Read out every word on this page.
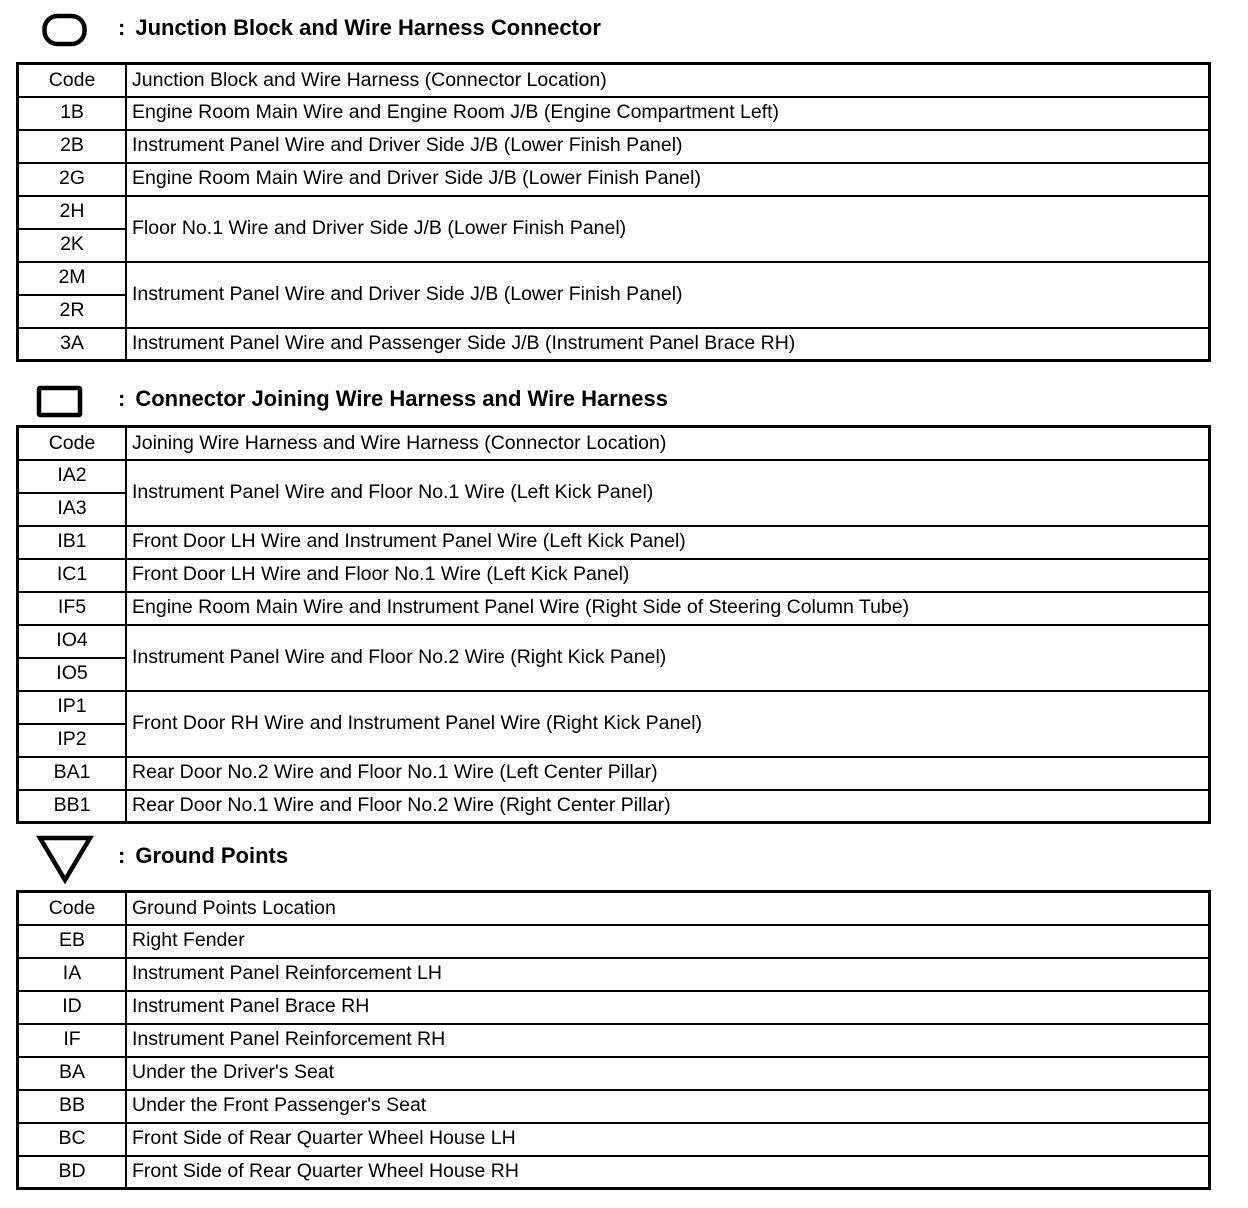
: Junction Block and Wire Harness Connector
Code	Junction Block and Wire Harness (Connector Location)
1B	Engine Room Main Wire and Engine Room J/B (Engine Compartment Left)
2B	Instrument Panel Wire and Driver Side J/B (Lower Finish Panel)
2G	Engine Room Main Wire and Driver Side J/B (Lower Finish Panel)
2H	Floor No.1 Wire and Driver Side J/B (Lower Finish Panel)
2K	
2M	Instrument Panel Wire and Driver Side J/B (Lower Finish Panel)
2R	
3A	Instrument Panel Wire and Passenger Side J/B (Instrument Panel Brace RH)
: Connector Joining Wire Harness and Wire Harness
Code	Joining Wire Harness and Wire Harness (Connector Location)
IA2	Instrument Panel Wire and Floor No.1 Wire (Left Kick Panel)
IA3	
IB1	Front Door LH Wire and Instrument Panel Wire (Left Kick Panel)
IC1	Front Door LH Wire and Floor No.1 Wire (Left Kick Panel)
IF5	Engine Room Main Wire and Instrument Panel Wire (Right Side of Steering Column Tube)
IO4	Instrument Panel Wire and Floor No.2 Wire (Right Kick Panel)
IO5	
IP1	Front Door RH Wire and Instrument Panel Wire (Right Kick Panel)
IP2	
BA1	Rear Door No.2 Wire and Floor No.1 Wire (Left Center Pillar)
BB1	Rear Door No.1 Wire and Floor No.2 Wire (Right Center Pillar)
: Ground Points
Code	Ground Points Location
EB	Right Fender
IA	Instrument Panel Reinforcement LH
ID	Instrument Panel Brace RH
IF	Instrument Panel Reinforcement RH
BA	Under the Driver's Seat
BB	Under the Front Passenger's Seat
BC	Front Side of Rear Quarter Wheel House LH
BD	Front Side of Rear Quarter Wheel House RH
